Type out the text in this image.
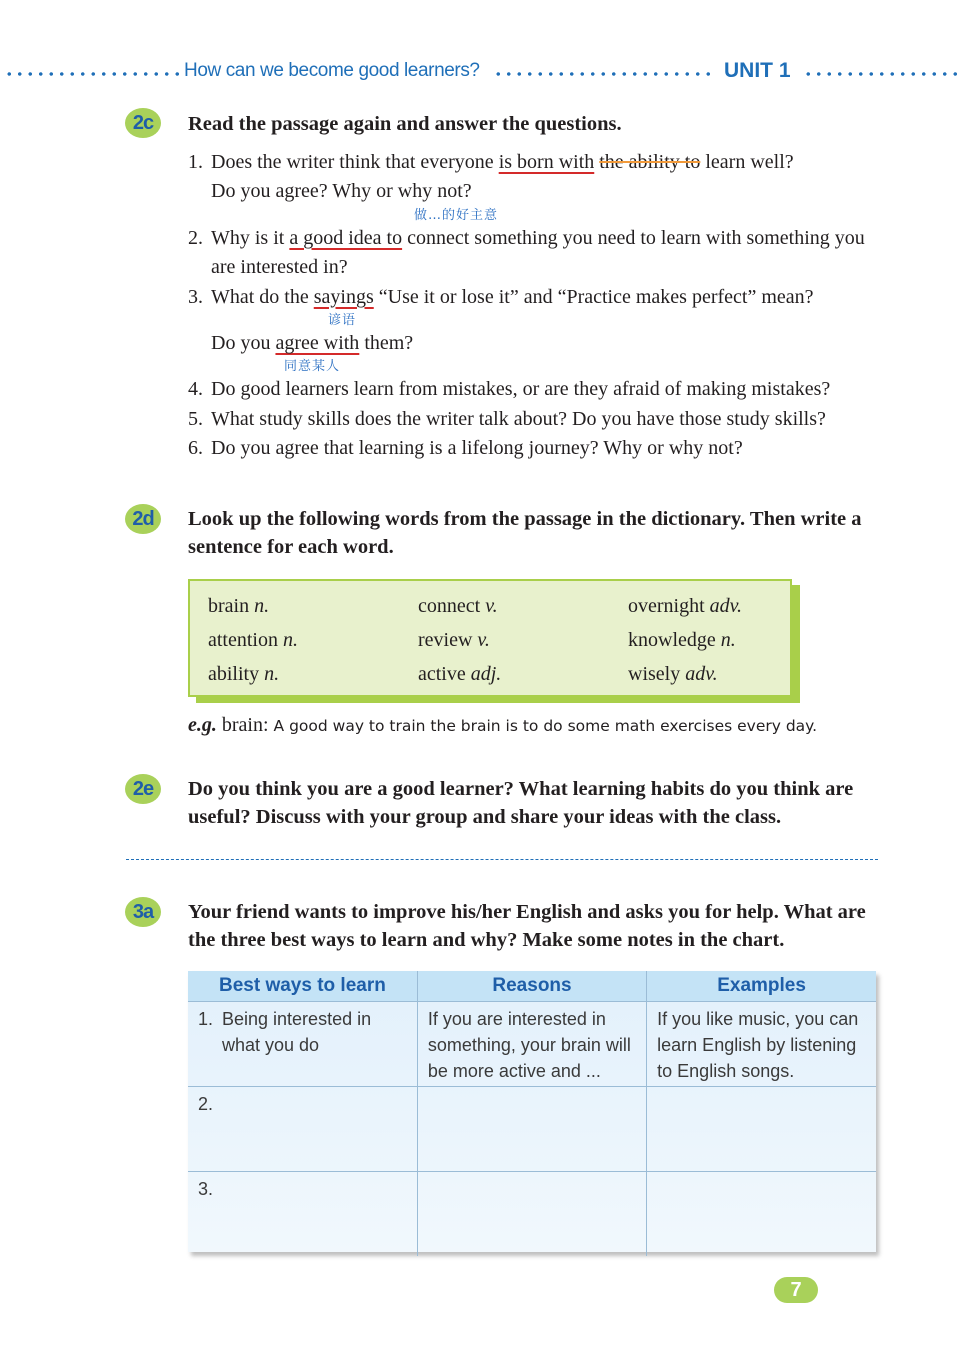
How can we become good learners?	UNIT 1
2c	Read the passage again and answer the questions.
1. Does the writer think that everyone is born with the ability to learn well?
Do you agree? Why or why not?
做…的好主意
2. Why is it a good idea to connect something you need to learn with something you are interested in?
3. What do the sayings “Use it or lose it” and “Practice makes perfect” mean?
谚语
Do you agree with them?
同意某人
4. Do good learners learn from mistakes, or are they afraid of making mistakes?
5. What study skills does the writer talk about? Do you have those study skills?
6. Do you agree that learning is a lifelong journey? Why or why not?
2d	Look up the following words from the passage in the dictionary. Then write a sentence for each word.
brain n.	connect v.	overnight adv.
attention n.	review v.	knowledge n.
ability n.	active adj.	wisely adv.
e.g. brain: A good way to train the brain is to do some math exercises every day.
2e	Do you think you are a good learner? What learning habits do you think are useful? Discuss with your group and share your ideas with the class.
3a	Your friend wants to improve his/her English and asks you for help. What are the three best ways to learn and why? Make some notes in the chart.
Best ways to learn	Reasons	Examples

1. Being interested in what you do	If you are interested in something, your brain will be more active and ...	If you like music, you can learn English by listening to English songs.

2.		

3.		

7
